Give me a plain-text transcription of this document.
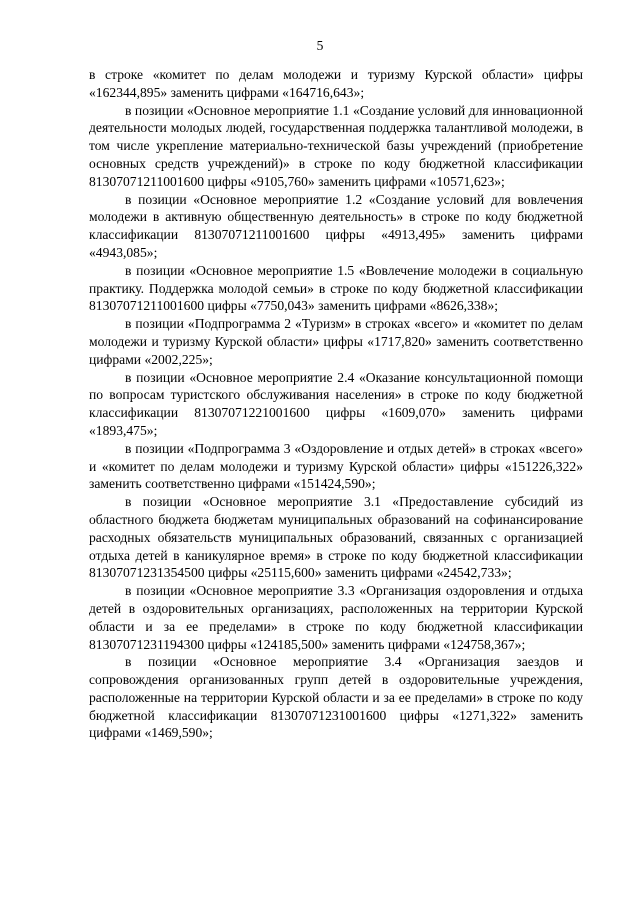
5

в строке «комитет по делам молодежи и туризму Курской области» цифры «162344,895» заменить цифрами «164716,643»;

в позиции «Основное мероприятие 1.1 «Создание условий для инновационной деятельности молодых людей, государственная поддержка талантливой молодежи, в том числе укрепление материально-технической базы учреждений (приобретение основных средств учреждений)» в строке по коду бюджетной классификации 81307071211001600 цифры «9105,760» заменить цифрами «10571,623»;

в позиции «Основное мероприятие 1.2 «Создание условий для вовлечения молодежи в активную общественную деятельность» в строке по коду бюджетной классификации 81307071211001600 цифры «4913,495» заменить цифрами «4943,085»;

в позиции «Основное мероприятие 1.5 «Вовлечение молодежи в социальную практику. Поддержка молодой семьи» в строке по коду бюджетной классификации 81307071211001600 цифры «7750,043» заменить цифрами «8626,338»;

в позиции «Подпрограмма 2 «Туризм» в строках «всего» и «комитет по делам молодежи и туризму Курской области» цифры «1717,820» заменить соответственно цифрами «2002,225»;

в позиции «Основное мероприятие 2.4 «Оказание консультационной помощи по вопросам туристского обслуживания населения» в строке по коду бюджетной классификации 81307071221001600 цифры «1609,070» заменить цифрами «1893,475»;

в позиции «Подпрограмма 3 «Оздоровление и отдых детей» в строках «всего» и «комитет по делам молодежи и туризму Курской области» цифры «151226,322» заменить соответственно цифрами «151424,590»;

в позиции «Основное мероприятие 3.1 «Предоставление субсидий из областного бюджета бюджетам муниципальных образований на софинансирование расходных обязательств муниципальных образований, связанных с организацией отдыха детей в каникулярное время» в строке по коду бюджетной классификации 81307071231354500 цифры «25115,600» заменить цифрами «24542,733»;

в позиции «Основное мероприятие 3.3 «Организация оздоровления и отдыха детей в оздоровительных организациях, расположенных на территории Курской области и за ее пределами» в строке по коду бюджетной классификации 81307071231194300 цифры «124185,500» заменить цифрами «124758,367»;

в позиции «Основное мероприятие 3.4 «Организация заездов и сопровождения организованных групп детей в оздоровительные учреждения, расположенные на территории Курской области и за ее пределами» в строке по коду бюджетной классификации 81307071231001600 цифры «1271,322» заменить цифрами «1469,590»;
